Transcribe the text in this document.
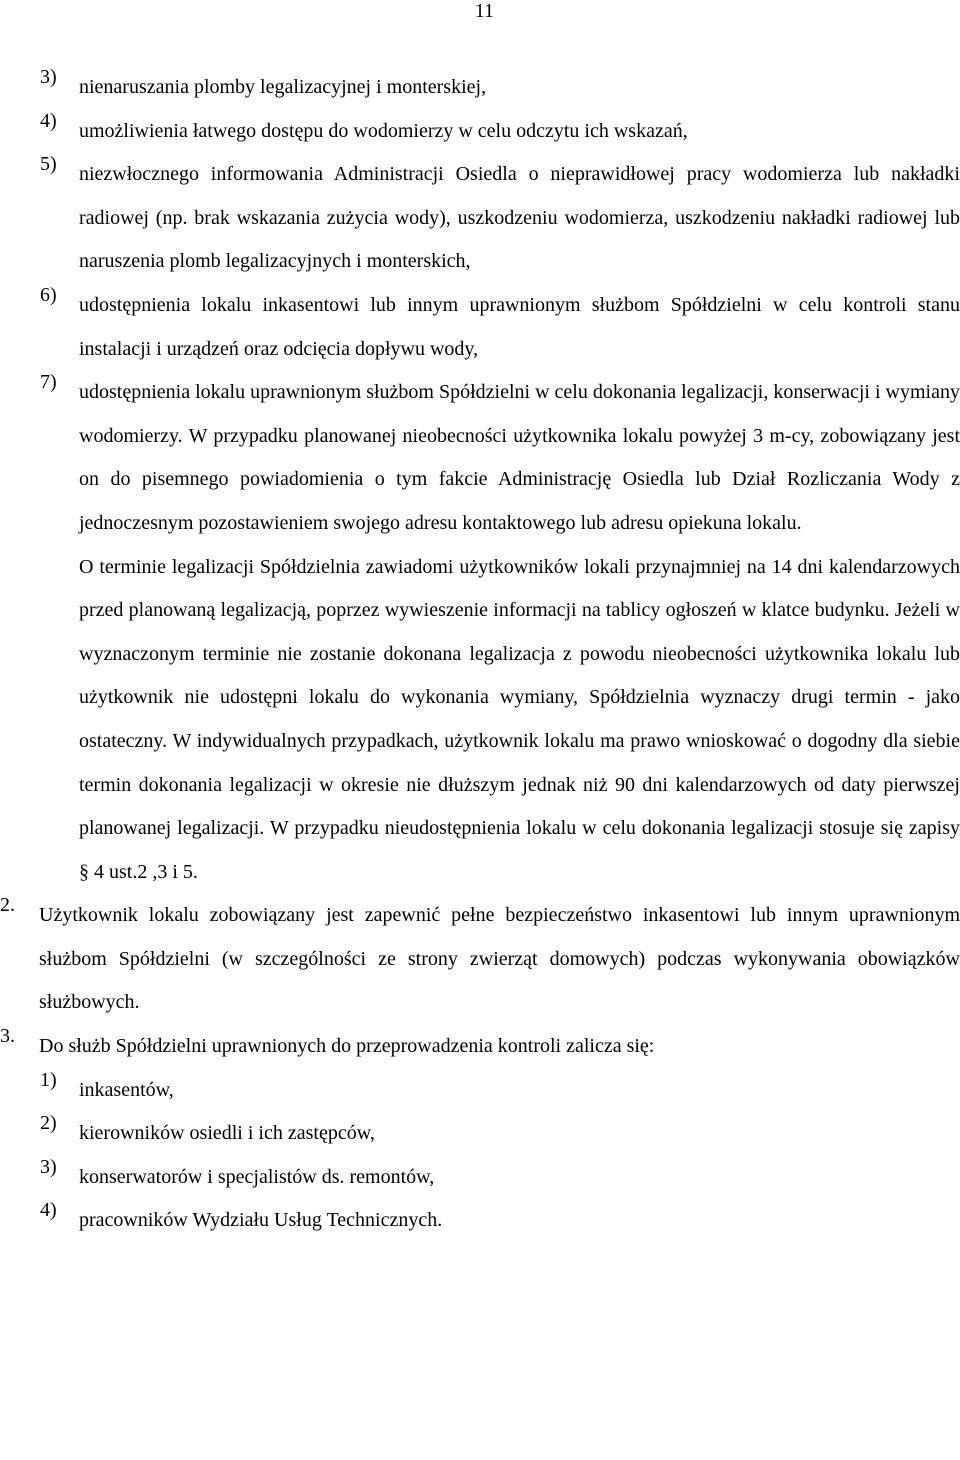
11
3)	nienaruszania plomby legalizacyjnej i monterskiej,

4)	umożliwienia łatwego dostępu do wodomierzy w celu odczytu ich wskazań,

5)	niezwłocznego informowania Administracji Osiedla o nieprawidłowej pracy wodomierza lub nakładki radiowej (np. brak wskazania zużycia wody), uszkodzeniu wodomierza, uszkodzeniu nakładki radiowej lub naruszenia plomb legalizacyjnych i monterskich,

6)	udostępnienia lokalu inkasentowi lub innym uprawnionym służbom Spółdzielni w celu kontroli stanu instalacji i urządzeń oraz odcięcia dopływu wody,

7)	udostępnienia lokalu uprawnionym służbom Spółdzielni w celu dokonania legalizacji, konserwacji i wymiany wodomierzy. W przypadku planowanej nieobecności użytkownika lokalu powyżej 3 m-cy, zobowiązany jest on do pisemnego powiadomienia o tym fakcie Administrację Osiedla lub Dział Rozliczania Wody z jednoczesnym pozostawieniem swojego adresu kontaktowego lub adresu opiekuna lokalu.

O terminie legalizacji Spółdzielnia zawiadomi użytkowników lokali przynajmniej na 14 dni kalendarzowych przed planowaną legalizacją, poprzez wywieszenie informacji na tablicy ogłoszeń w klatce budynku. Jeżeli w wyznaczonym terminie nie zostanie dokonana legalizacja z powodu nieobecności użytkownika lokalu lub użytkownik nie udostępni lokalu do wykonania wymiany, Spółdzielnia wyznaczy drugi termin - jako ostateczny. W indywidualnych przypadkach, użytkownik lokalu ma prawo wnioskować o dogodny dla siebie termin dokonania legalizacji w okresie nie dłuższym jednak niż 90 dni kalendarzowych od daty pierwszej planowanej legalizacji. W przypadku nieudostępnienia lokalu w celu dokonania legalizacji stosuje się zapisy § 4 ust.2 ,3 i 5.

2.	Użytkownik lokalu zobowiązany jest zapewnić pełne bezpieczeństwo inkasentowi lub innym uprawnionym służbom Spółdzielni (w szczególności ze strony zwierząt domowych) podczas wykonywania obowiązków służbowych.

3.	Do służb Spółdzielni uprawnionych do przeprowadzenia kontroli zalicza się:

1)	inkasentów,

2)	kierowników osiedli i ich zastępców,

3)	konserwatorów i specjalistów ds. remontów,

4)	pracowników Wydziału Usług Technicznych.
